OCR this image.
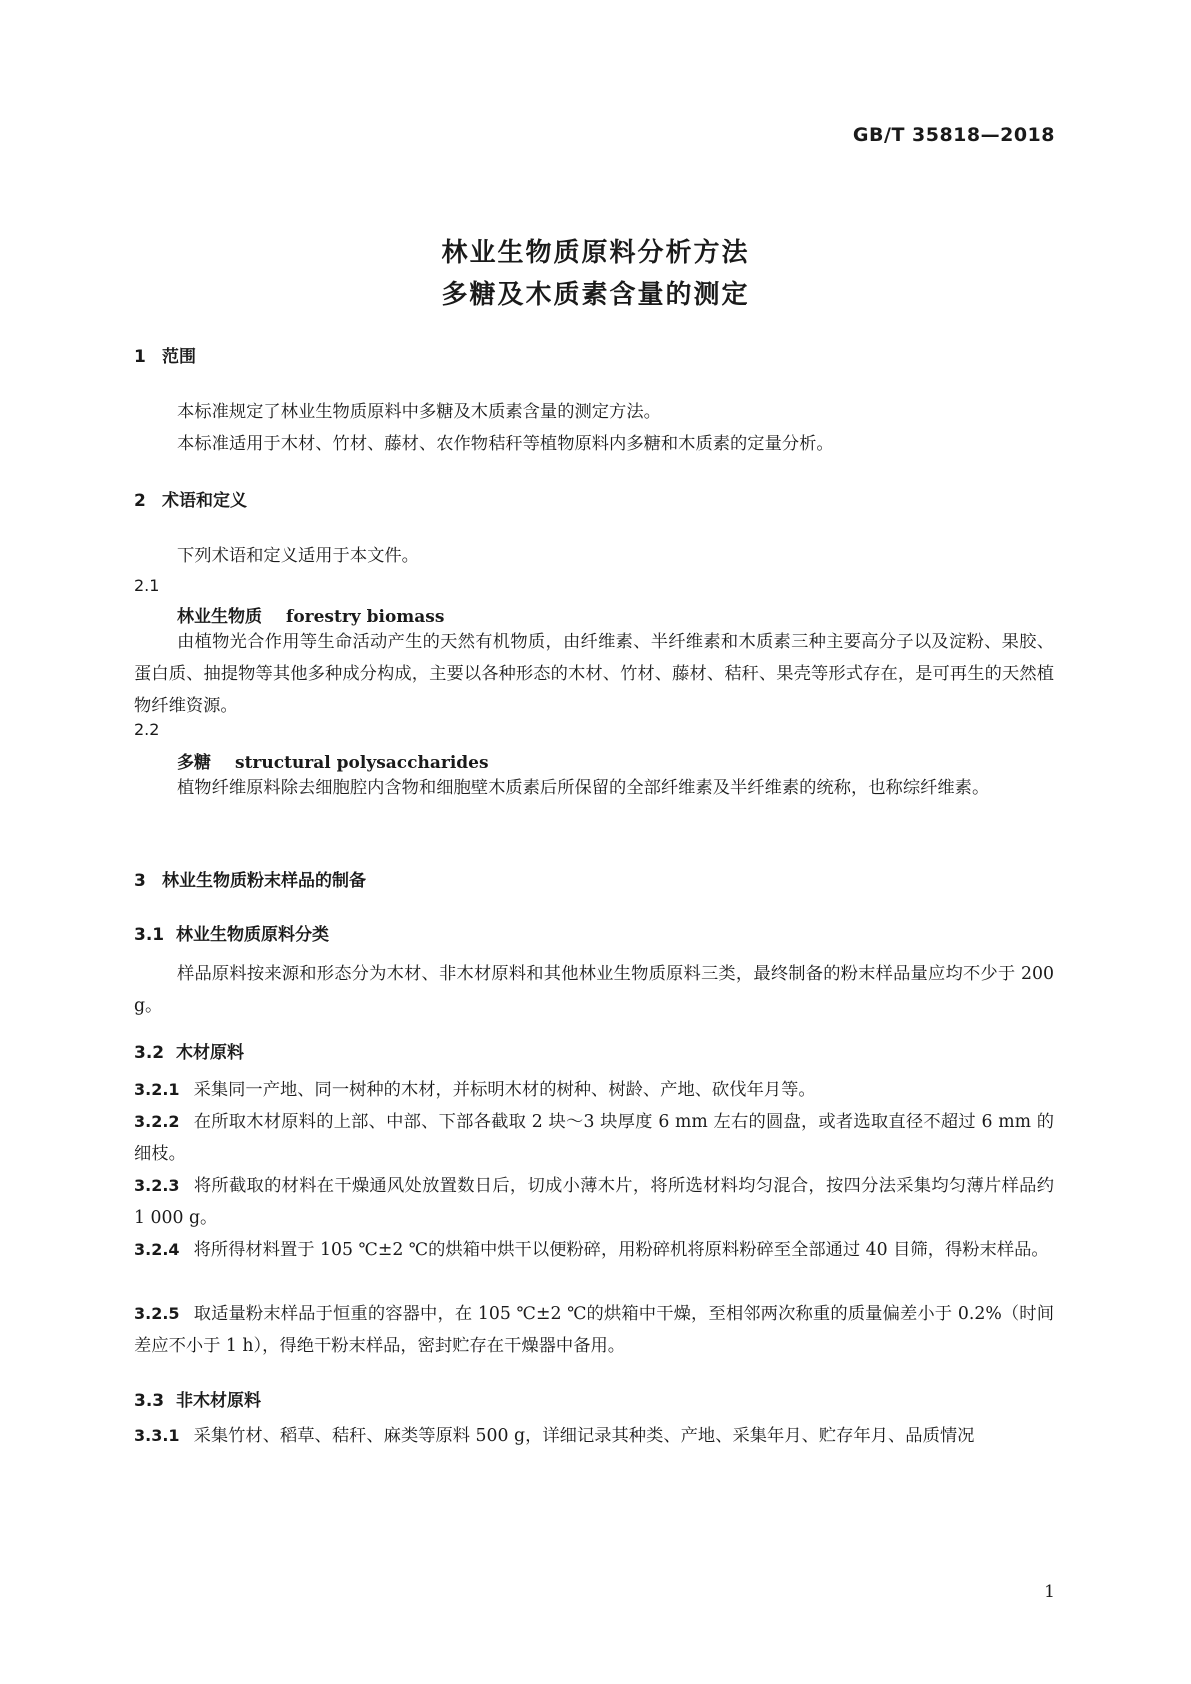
GB/T 35818—2018
林业生物质原料分析方法
多糖及木质素含量的测定
1 范围
本标准规定了林业生物质原料中多糖及木质素含量的测定方法。
本标准适用于木材、竹材、藤材、农作物秸秆等植物原料内多糖和木质素的定量分析。
2 术语和定义
下列术语和定义适用于本文件。
2.1
林业生物质 forestry biomass
由植物光合作用等生命活动产生的天然有机物质，由纤维素、半纤维素和木质素三种主要高分子以及淀粉、果胶、蛋白质、抽提物等其他多种成分构成，主要以各种形态的木材、竹材、藤材、秸秆、果壳等形式存在，是可再生的天然植物纤维资源。
2.2
多糖 structural polysaccharides
植物纤维原料除去细胞腔内含物和细胞壁木质素后所保留的全部纤维素及半纤维素的统称，也称综纤维素。
3 林业生物质粉末样品的制备
3.1 林业生物质原料分类
样品原料按来源和形态分为木材、非木材原料和其他林业生物质原料三类，最终制备的粉末样品量应均不少于 200 g。
3.2 木材原料
3.2.1 采集同一产地、同一树种的木材，并标明木材的树种、树龄、产地、砍伐年月等。
3.2.2 在所取木材原料的上部、中部、下部各截取 2 块～3 块厚度 6 mm 左右的圆盘，或者选取直径不超过 6 mm 的细枝。
3.2.3 将所截取的材料在干燥通风处放置数日后，切成小薄木片，将所选材料均匀混合，按四分法采集均匀薄片样品约 1 000 g。
3.2.4 将所得材料置于 105 ℃±2 ℃的烘箱中烘干以便粉碎，用粉碎机将原料粉碎至全部通过 40 目筛，得粉末样品。
3.2.5 取适量粉末样品于恒重的容器中，在 105 ℃±2 ℃的烘箱中干燥，至相邻两次称重的质量偏差小于 0.2%（时间差应不小于 1 h），得绝干粉末样品，密封贮存在干燥器中备用。
3.3 非木材原料
3.3.1 采集竹材、稻草、秸秆、麻类等原料 500 g，详细记录其种类、产地、采集年月、贮存年月、品质情况
1
